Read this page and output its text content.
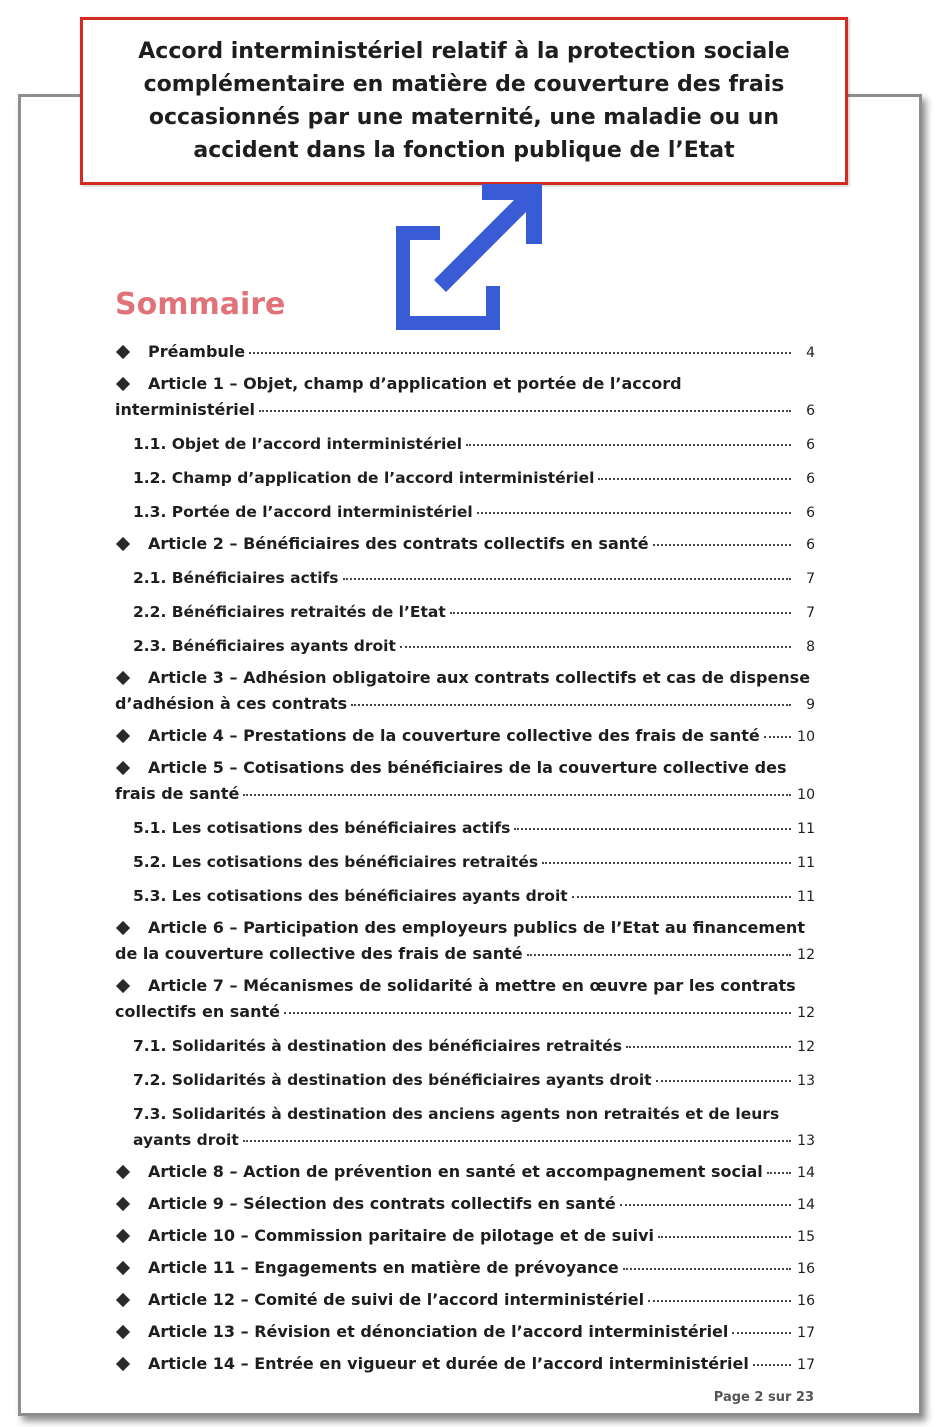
Accord interministériel relatif à la protection sociale complémentaire en matière de couverture des frais occasionnés par une maternité, une maladie ou un accident dans la fonction publique de l’Etat
Sommaire
Préambule	4
Article 1 – Objet, champ d’application et portée de l’accord
interministériel	6
1.1. Objet de l’accord interministériel	6
1.2. Champ d’application de l’accord interministériel	6
1.3. Portée de l’accord interministériel	6
Article 2 – Bénéficiaires des contrats collectifs en santé	6
2.1. Bénéficiaires actifs	7
2.2. Bénéficiaires retraités de l’Etat	7
2.3. Bénéficiaires ayants droit	8
Article 3 – Adhésion obligatoire aux contrats collectifs et cas de dispense
d’adhésion à ces contrats	9
Article 4 – Prestations de la couverture collective des frais de santé	10
Article 5 – Cotisations des bénéficiaires de la couverture collective des
frais de santé	10
5.1. Les cotisations des bénéficiaires actifs	11
5.2. Les cotisations des bénéficiaires retraités	11
5.3. Les cotisations des bénéficiaires ayants droit	11
Article 6 – Participation des employeurs publics de l’Etat au financement
de la couverture collective des frais de santé	12
Article 7 – Mécanismes de solidarité à mettre en œuvre par les contrats
collectifs en santé	12
7.1. Solidarités à destination des bénéficiaires retraités	12
7.2. Solidarités à destination des bénéficiaires ayants droit	13
7.3. Solidarités à destination des anciens agents non retraités et de leurs
ayants droit	13
Article 8 – Action de prévention en santé et accompagnement social 14
Article 9 – Sélection des contrats collectifs en santé	14
Article 10 – Commission paritaire de pilotage et de suivi	15
Article 11 – Engagements en matière de prévoyance	16
Article 12 – Comité de suivi de l’accord interministériel	16
Article 13 – Révision et dénonciation de l’accord interministériel	17
Article 14 – Entrée en vigueur et durée de l’accord interministériel	17
Page 2 sur 23
